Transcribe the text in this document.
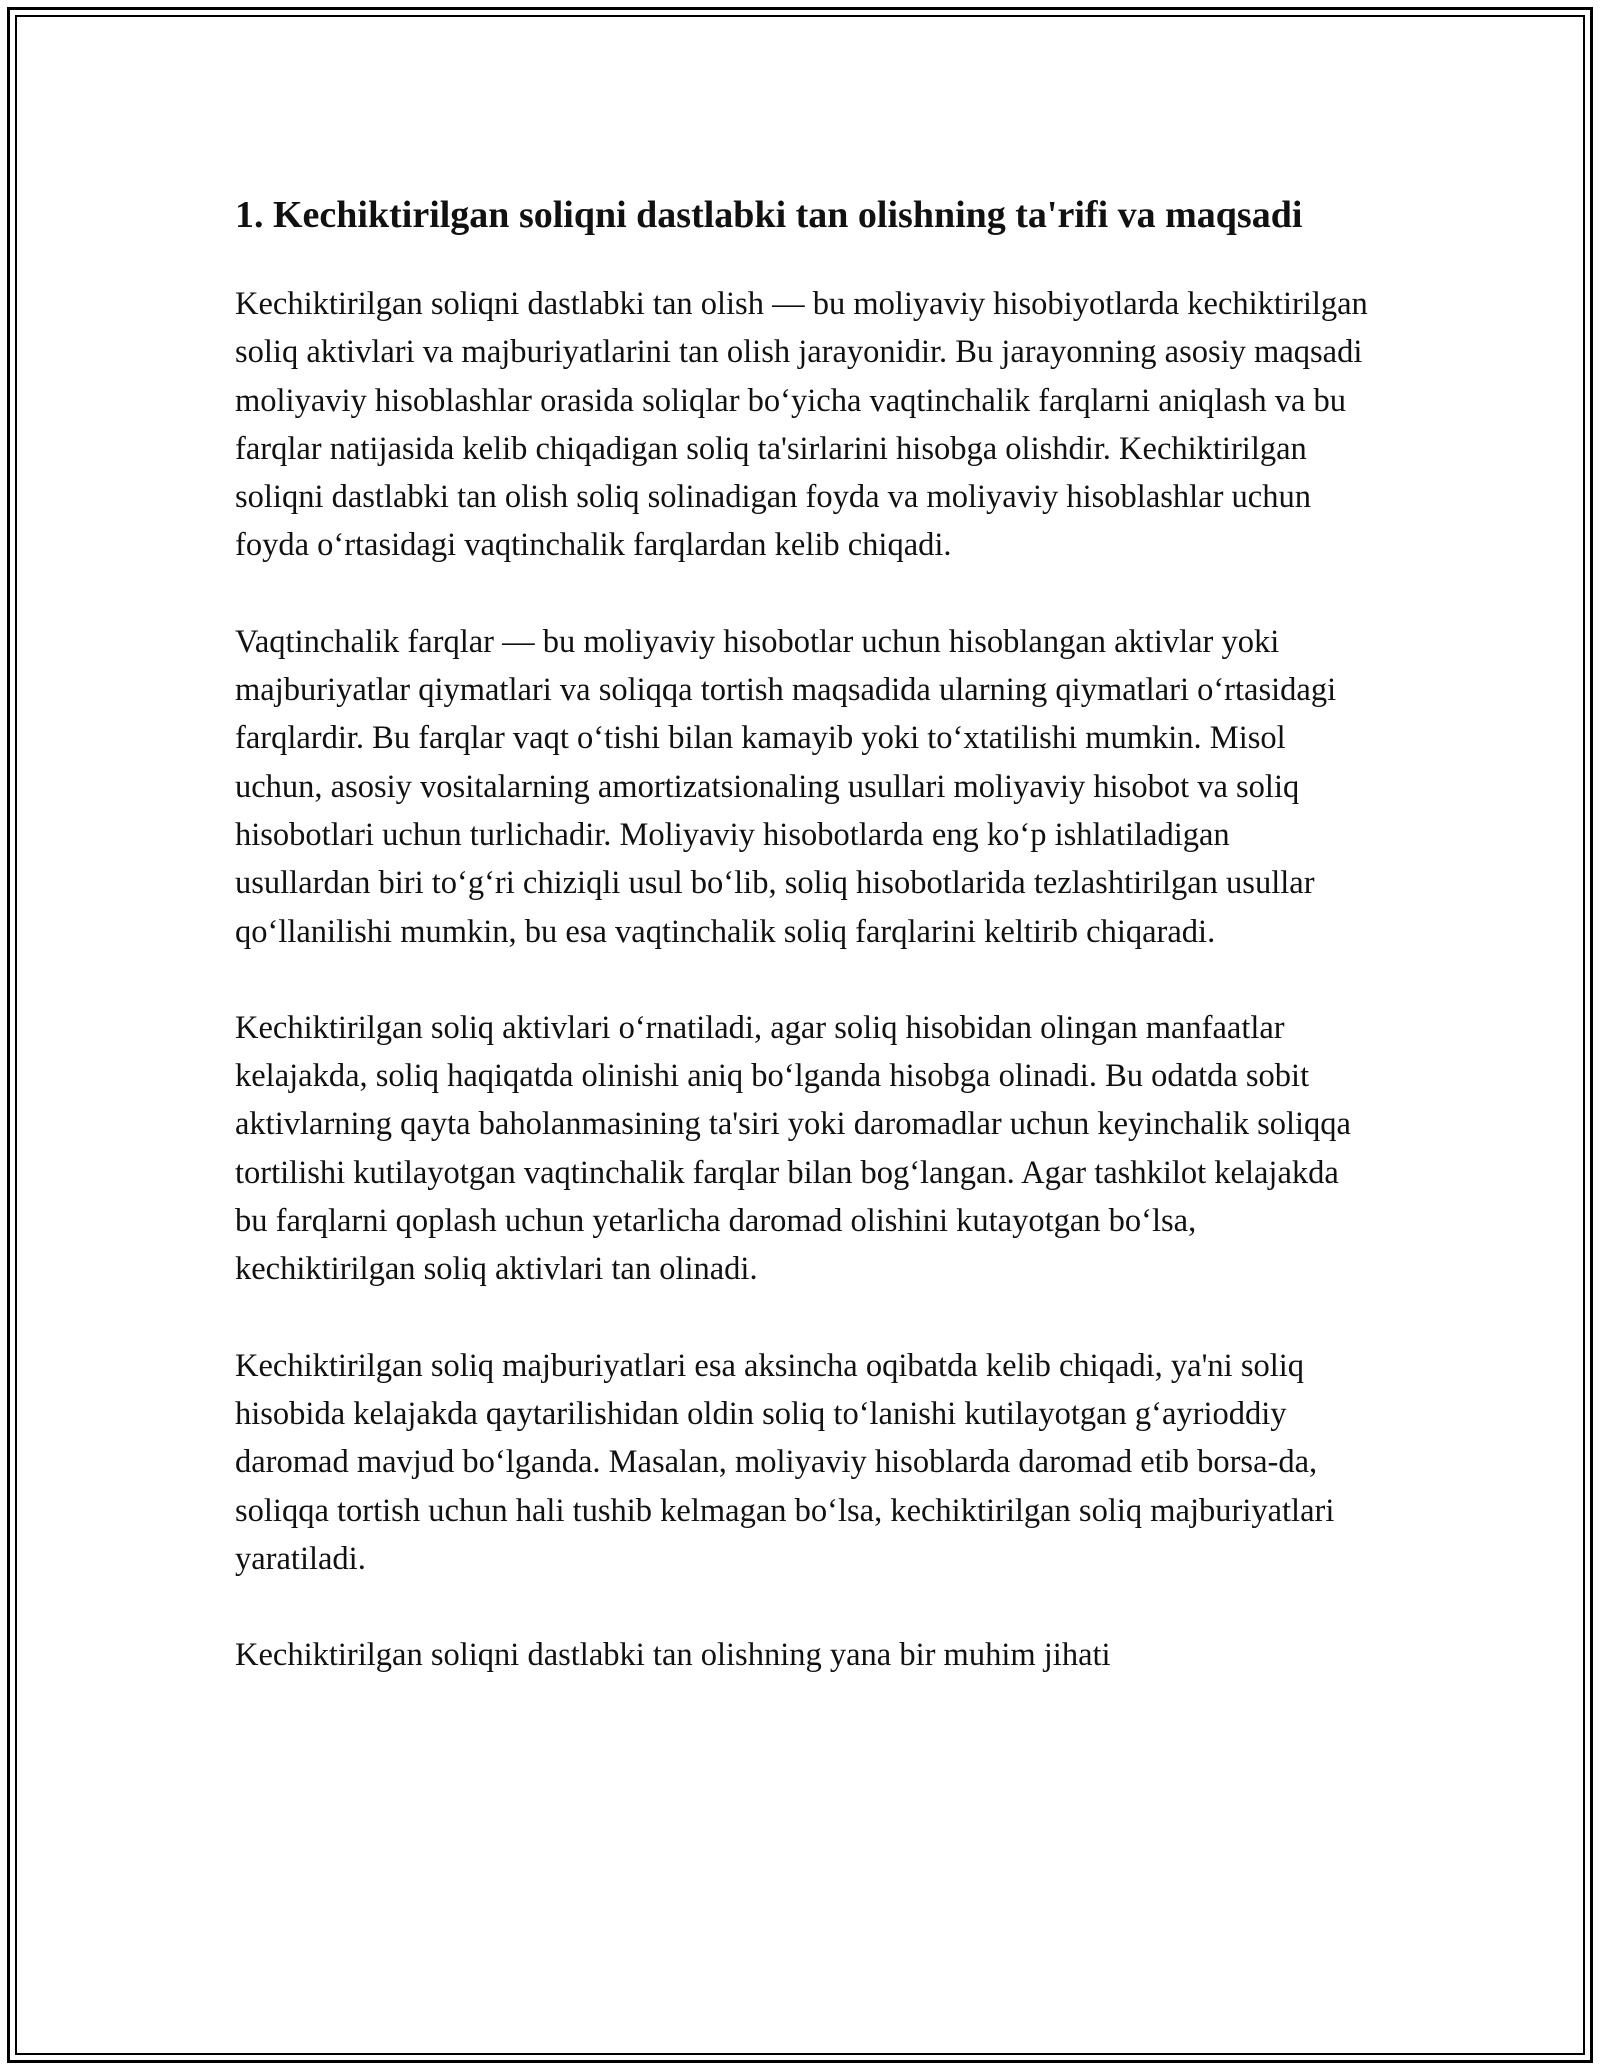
1. Kechiktirilgan soliqni dastlabki tan olishning ta'rifi va maqsadi

Kechiktirilgan soliqni dastlabki tan olish — bu moliyaviy hisobiyotlarda kechiktirilgan soliq aktivlari va majburiyatlarini tan olish jarayonidir. Bu jarayonning asosiy maqsadi moliyaviy hisoblashlar orasida soliqlar bo‘yicha vaqtinchalik farqlarni aniqlash va bu farqlar natijasida kelib chiqadigan soliq ta'sirlarini hisobga olishdir. Kechiktirilgan soliqni dastlabki tan olish soliq solinadigan foyda va moliyaviy hisoblashlar uchun foyda o‘rtasidagi vaqtinchalik farqlardan kelib chiqadi.

Vaqtinchalik farqlar — bu moliyaviy hisobotlar uchun hisoblangan aktivlar yoki majburiyatlar qiymatlari va soliqqa tortish maqsadida ularning qiymatlari o‘rtasidagi farqlardir. Bu farqlar vaqt o‘tishi bilan kamayib yoki to‘xtatilishi mumkin. Misol uchun, asosiy vositalarning amortizatsionaling usullari moliyaviy hisobot va soliq hisobotlari uchun turlichadir. Moliyaviy hisobotlarda eng ko‘p ishlatiladigan usullardan biri to‘g‘ri chiziqli usul bo‘lib, soliq hisobotlarida tezlashtirilgan usullar qo‘llanilishi mumkin, bu esa vaqtinchalik soliq farqlarini keltirib chiqaradi.

Kechiktirilgan soliq aktivlari o‘rnatiladi, agar soliq hisobidan olingan manfaatlar kelajakda, soliq haqiqatda olinishi aniq bo‘lganda hisobga olinadi. Bu odatda sobit aktivlarning qayta baholanmasining ta'siri yoki daromadlar uchun keyinchalik soliqqa tortilishi kutilayotgan vaqtinchalik farqlar bilan bog‘langan. Agar tashkilot kelajakda bu farqlarni qoplash uchun yetarlicha daromad olishini kutayotgan bo‘lsa, kechiktirilgan soliq aktivlari tan olinadi.

Kechiktirilgan soliq majburiyatlari esa aksincha oqibatda kelib chiqadi, ya'ni soliq hisobida kelajakda qaytarilishidan oldin soliq to‘lanishi kutilayotgan g‘ayrioddiy daromad mavjud bo‘lganda. Masalan, moliyaviy hisoblarda daromad etib borsa-da, soliqqa tortish uchun hali tushib kelmagan bo‘lsa, kechiktirilgan soliq majburiyatlari yaratiladi.

Kechiktirilgan soliqni dastlabki tan olishning yana bir muhim jihati
